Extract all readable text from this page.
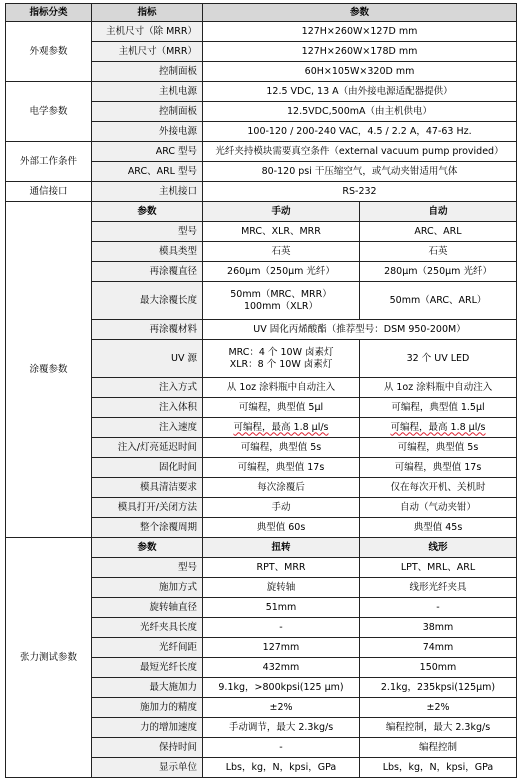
指标分类	指标	参数	
外观参数	主机尺寸（除 MRR）	127H×260W×127D mm	
	主机尺寸（MRR）	127H×260W×178D mm	
	控制面板	60H×105W×320D mm	
电学参数	主机电源	12.5 VDC, 13 A（由外接电源适配器提供）	
	控制面板	12.5VDC,500mA（由主机供电）	
	外接电源	100-120 / 200-240 VAC，4.5 / 2.2 A，47-63 Hz.	
外部工作条件	ARC 型号	光纤夹持模块需要真空条件（external vacuum pump provided）	
	ARC、ARL 型号	80-120 psi 干压缩空气，或气动夹钳适用气体	
通信接口	主机接口	RS-232	
涂覆参数	参数	手动	自动
	型号	MRC、XLR、MRR	ARC、ARL
	模具类型	石英	石英
	再涂覆直径	260μm（250μm 光纤）	280μm（250μm 光纤）
	最大涂覆长度	50mm（MRC、MRR）
100mm（XLR）	50mm（ARC、ARL）
	再涂覆材料	UV 固化丙烯酸酯（推荐型号：DSM 950-200M）	
	UV 源	MRC：4 个 10W 卤素灯
XLR：8 个 10W 卤素灯	32 个 UV LED
	注入方式	从 1oz 涂料瓶中自动注入	从 1oz 涂料瓶中自动注入
	注入体积	可编程，典型值 5μl	可编程，典型值 1.5μl
	注入速度	可编程，最高 1.8 μl/s	可编程，最高 1.8 μl/s
	注入/灯亮延迟时间	可编程，典型值 5s	可编程，典型值 5s
	固化时间	可编程，典型值 17s	可编程，典型值 17s
	模具清洁要求	每次涂覆后	仅在每次开机、关机时
	模具打开/关闭方法	手动	自动（气动夹钳）
	整个涂覆周期	典型值 60s	典型值 45s
张力测试参数	参数	扭转	线形
	型号	RPT、MRR	LPT、MRL、ARL
	施加方式	旋转轴	线形光纤夹具
	旋转轴直径	51mm	-
	光纤夹具长度	-	38mm
	光纤间距	127mm	74mm
	最短光纤长度	432mm	150mm
	最大施加力	9.1kg，>800kpsi(125 μm)	2.1kg，235kpsi(125μm)
	施加力的精度	±2%	±2%
	力的增加速度	手动调节，最大 2.3kg/s	编程控制，最大 2.3kg/s
	保持时间	-	编程控制
	显示单位	Lbs，kg，N，kpsi，GPa	Lbs，kg，N，kpsi，GPa
